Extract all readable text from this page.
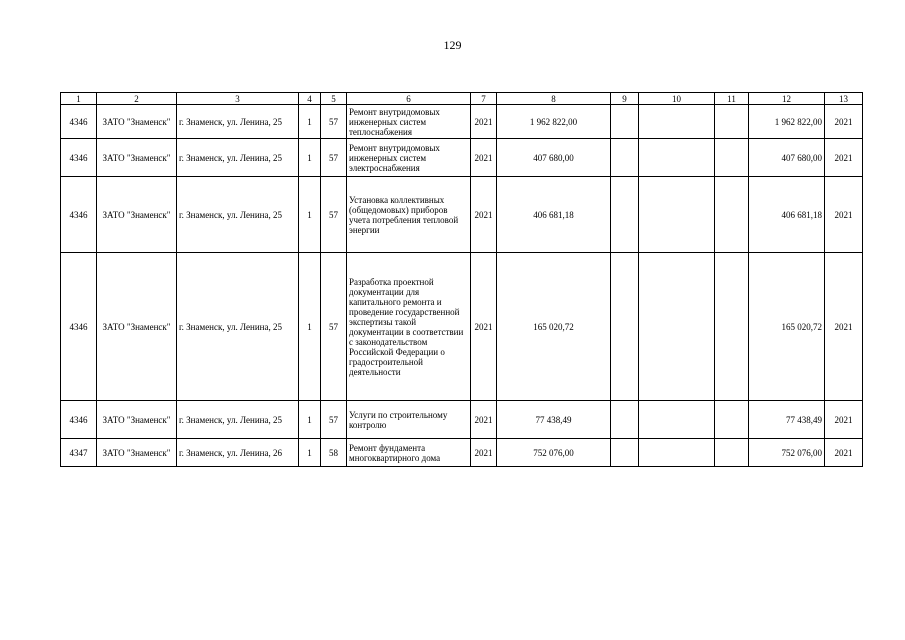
129
1	2	3	4	5	6	7	8	9	10	11	12	13
4346	ЗАТО "Знаменск"	г. Знаменск, ул. Ленина, 25	1	57	Ремонт внутридомовых инженерных систем теплоснабжения	2021	1 962 822,00				1 962 822,00	2021
4346	ЗАТО "Знаменск"	г. Знаменск, ул. Ленина, 25	1	57	Ремонт внутридомовых инженерных систем электроснабжения	2021	407 680,00				407 680,00	2021
4346	ЗАТО "Знаменск"	г. Знаменск, ул. Ленина, 25	1	57	Установка коллективных (общедомовых) приборов учета потребления тепловой энергии	2021	406 681,18				406 681,18	2021
4346	ЗАТО "Знаменск"	г. Знаменск, ул. Ленина, 25	1	57	Разработка проектной документации для капитального ремонта и проведение государственной экспертизы такой документации в соответствии с законодательством Российской Федерации о градостроительной деятельности	2021	165 020,72				165 020,72	2021
4346	ЗАТО "Знаменск"	г. Знаменск, ул. Ленина, 25	1	57	Услуги по строительному контролю	2021	77 438,49				77 438,49	2021
4347	ЗАТО "Знаменск"	г. Знаменск, ул. Ленина, 26	1	58	Ремонт фундамента многоквартирного дома	2021	752 076,00				752 076,00	2021
